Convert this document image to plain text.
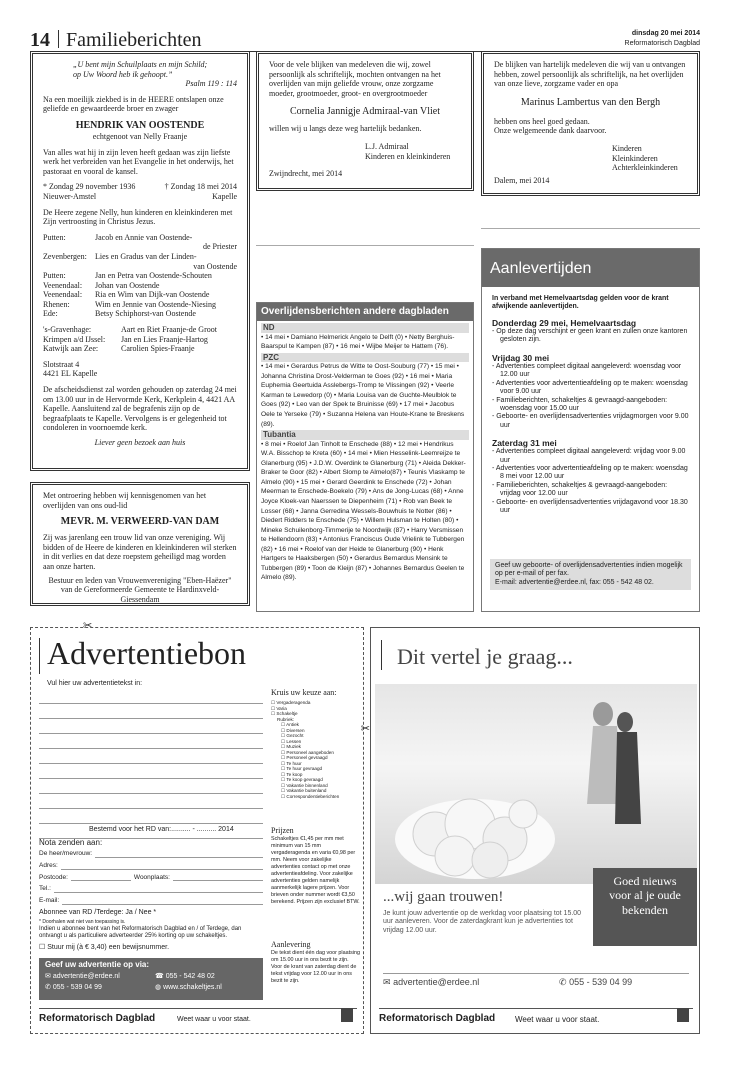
14 Familieberichten	dinsdag 20 mei 2014
Reformatorisch Dagblad
„U bent mijn Schuilplaats en mijn Schild;
op Uw Woord heb ik gehoopt.”
Psalm 119 : 114
Na een moeilijk ziekbed is in de HEERE ontslapen onze geliefde en gewaardeerde broer en zwager
HENDRIK VAN OOSTENDE
echtgenoot van Nelly Fraanje
Van alles wat hij in zijn leven heeft gedaan was zijn liefste werk het verbreiden van het Evangelie in het onderwijs, het pastoraat en vooral de kansel.
* Zondag 29 november 1936	† Zondag 18 mei 2014
Nieuwer-Amstel	Kapelle
De Heere zegene Nelly, hun kinderen en kleinkinderen met Zijn vertroosting in Christus Jezus.
Putten:	Jacob en Annie van Oostende-
de Priester
Zevenbergen:	Lies en Gradus van der Linden-
van Oostende
Putten:	Jan en Petra van Oostende-Schouten
Veenendaal:	Johan van Oostende
Veenendaal:	Ria en Wim van Dijk-van Oostende
Rhenen:	Wim en Jennie van Oostende-Niesing
Ede:	Betsy Schiphorst-van Oostende
's-Gravenhage:	Aart en Riet Fraanje-de Groot
Krimpen a/d IJssel:	Jan en Lies Fraanje-Hartog
Katwijk aan Zee:	Carolien Spies-Fraanje
Slotstraat 4
4421 EL Kapelle
De afscheidsdienst zal worden gehouden op zaterdag 24 mei om 13.00 uur in de Hervormde Kerk, Kerkplein 4, 4421 AA Kapelle. Aansluitend zal de begrafenis zijn op de begraafplaats te Kapelle. Vervolgens is er gelegenheid tot condoleren in voornoemde kerk.
Liever geen bezoek aan huis
Voor de vele blijken van medeleven die wij, zowel persoonlijk als schriftelijk, mochten ontvangen na het overlijden van mijn geliefde vrouw, onze zorgzame moeder, grootmoeder, groot- en overgrootmoeder
Cornelia Jannigje Admiraal-van Vliet
willen wij u langs deze weg hartelijk bedanken.
L.J. Admiraal
Kinderen en kleinkinderen
Zwijndrecht, mei 2014
De blijken van hartelijk medeleven die wij van u ontvangen hebben, zowel persoonlijk als schriftelijk, na het overlijden van onze lieve, zorgzame vader en opa
Marinus Lambertus van den Bergh
hebben ons heel goed gedaan.
Onze welgemeende dank daarvoor.
Kinderen
Kleinkinderen
Achterkleinkinderen
Dalem, mei 2014
Overlijdensberichten andere dagbladen
ND
• 14 mei • Damiano Helmerick Angelo te Delft (0) • Netty Berghuis-Baarspul te Kampen (87) • 16 mei • Wijbe Meijer te Hattem (76).
PZC
• 14 mei • Gerardus Petrus de Witte te Oost-Souburg (77) • 15 mei • Johanna Christina Drost-Velderman te Goes (92) • 16 mei • Maria Euphemia Geertuida Asslebergs-Tromp te Vlissingen (92) • Veerle Karman te Lewedorp (0) • Maria Louisa van de Guchte-Meulblok te Goes (92) • Leo van der Spek te Bruinisse (69) • 17 mei • Jacobus Oele te Yerseke (79) • Suzanna Helena van Houte-Krane te Breskens (89).
Tubantia
• 8 mei • Roelof Jan Tinholt te Enschede (88) • 12 mei • Hendrikus W.A. Bisschop te Kreta (60) • 14 mei • Mien Hesselink-Leemreijze te Glanerburg (95) • J.D.W. Overdink te Glanerburg (71) • Aleida Dekker-Braker te Goor (82) • Albert Slomp te Almelo(87) • Teunis Vlaskamp te Almelo (90) • 15 mei • Gerard Geerdink te Enschede (72) • Johan Meerman te Enschede-Boekelo (79) • Ans de Jong-Lucas (68) • Anne Joyce Kloek-van Naerssen te Diepenheim (71) • Rob van Beek te Losser (68) • Janna Gerredina Wessels-Bouwhuis te Notter (86) • Diedert Ridders te Enschede (75) • Willem Hulsman te Holten (80) • Mineke Schuilenborg-Timmerije te Noordwijk (87) • Harry Versmissen te Hellendoorn (83) • Antonius Franciscus Oude Vrielink te Tubbergen (82) • 16 mei • Roelof van der Heide te Glanerburg (90) • Henk Hartgers te Haaksbergen (50) • Gerardus Bernardus Mensink te Tubbergen (89) • Toon de Kleijn (87) • Johannes Bernardus Geelen te Almelo (89).
Aanlevertijden
In verband met Hemelvaartsdag gelden voor de krant afwijkende aanlevertijden.
Donderdag 29 mei, Hemelvaartsdag
- Op deze dag verschijnt er geen krant en zullen onze kantoren gesloten zijn.
Vrijdag 30 mei
- Advertenties compleet digitaal aangeleverd: woensdag voor 12.00 uur
- Advertenties voor advertentieafdeling op te maken: woensdag voor 9.00 uur
- Familieberichten, schakeltjes & gevraagd-aangeboden: woensdag voor 15.00 uur
- Geboorte- en overlijdensadvertenties vrijdagmorgen voor 9.00 uur
Zaterdag 31 mei
- Advertenties compleet digitaal aangeleverd: vrijdag voor 9.00 uur
- Advertenties voor advertentieafdeling op te maken: woensdag 8 mei voor 12.00 uur
- Familieberichten, schakeltjes & gevraagd-aangeboden: vrijdag voor 12.00 uur
- Geboorte- en overlijdensadvertenties vrijdagavond voor 18.30 uur
Geef uw geboorte- of overlijdensadvertenties indien mogelijk op per e-mail of per fax.
E-mail: advertentie@erdee.nl, fax: 055 - 542 48 02.
Met ontroering hebben wij kennisgenomen van het overlijden van ons oud-lid
MEVR. M. VERWEERD-VAN DAM
Zij was jarenlang een trouw lid van onze vereniging. Wij bidden of de Heere de kinderen en kleinkinderen wil sterken in dit verlies en dat deze roepstem geheiligd mag worden aan onze harten.
Bestuur en leden van Vrouwenvereniging "Eben-Haëzer" van de Gereformeerde Gemeente te Hardinxveld-Giessendam
✂
✂
Advertentiebon
Vul hier uw advertentietekst in:
Kruis uw keuze aan:
☐ Vergaderagenda
☐ Varia
☐ Schakeltje
Rubriek:
☐ Antiek
☐ Diversen
☐ Gezocht
☐ Lessen
☐ Muziek
☐ Personeel aangeboden
☐ Personeel gevraagd
☐ Te huur
☐ Te huur gevraagd
☐ Te koop
☐ Te koop gevraagd
☐ Vakantie binnenland
☐ Vakantie buitenland
☐ Correspondentieberichten
Prijzen
Schakeltjes €1,45 per mm met minimum van 15 mm vergaderagenda en varia €0,98 per mm. Neem voor zakelijke advertenties contact op met onze advertentieafdeling. Voor zakelijke advertenties gelden namelijk aanmerkelijk lagere prijzen. Voor brieven onder nummer wordt €3,50 berekend. Prijzen zijn exclusief BTW.
Aanlevering
De tekst dient één dag voor plaatsing om 15.00 uur in ons bezit te zijn. Voor de krant van zaterdag dient de tekst vrijdag voor 12.00 uur in ons bezit te zijn.
Bestemd voor het RD van:.......... - .......... 2014
Nota zenden aan:
De heer/mevrouw:
Adres:
Postcode:	Woonplaats:
Tel.:
E-mail:
Abonnee van RD /Terdege: Ja / Nee *
* Doorhalen wat niet van toepassing is.
Indien u abonnee bent van het Reformatorisch Dagblad en / of Terdege, dan ontvangt u als particuliere adverteerder 25% korting op uw schakeltjes.
☐ Stuur mij (à € 3,40) een bewijsnummer.
Geef uw advertentie op via:
✉ advertentie@erdee.nl	☎ 055 - 542 48 02
✆ 055 - 539 04 99	◍ www.schakeltjes.nl
Reformatorisch Dagblad	Weet waar u voor staat.
Dit vertel je graag...
Goed nieuws
voor al je oude
bekenden
...wij gaan trouwen!
Je kunt jouw advertentie op de werkdag voor plaatsing tot 15.00 uur aanleveren. Voor de zaterdagkrant kun je advertenties tot vrijdag 12.00 uur.
✉ advertentie@erdee.nl	✆ 055 - 539 04 99
Reformatorisch Dagblad Weet waar u voor staat.
